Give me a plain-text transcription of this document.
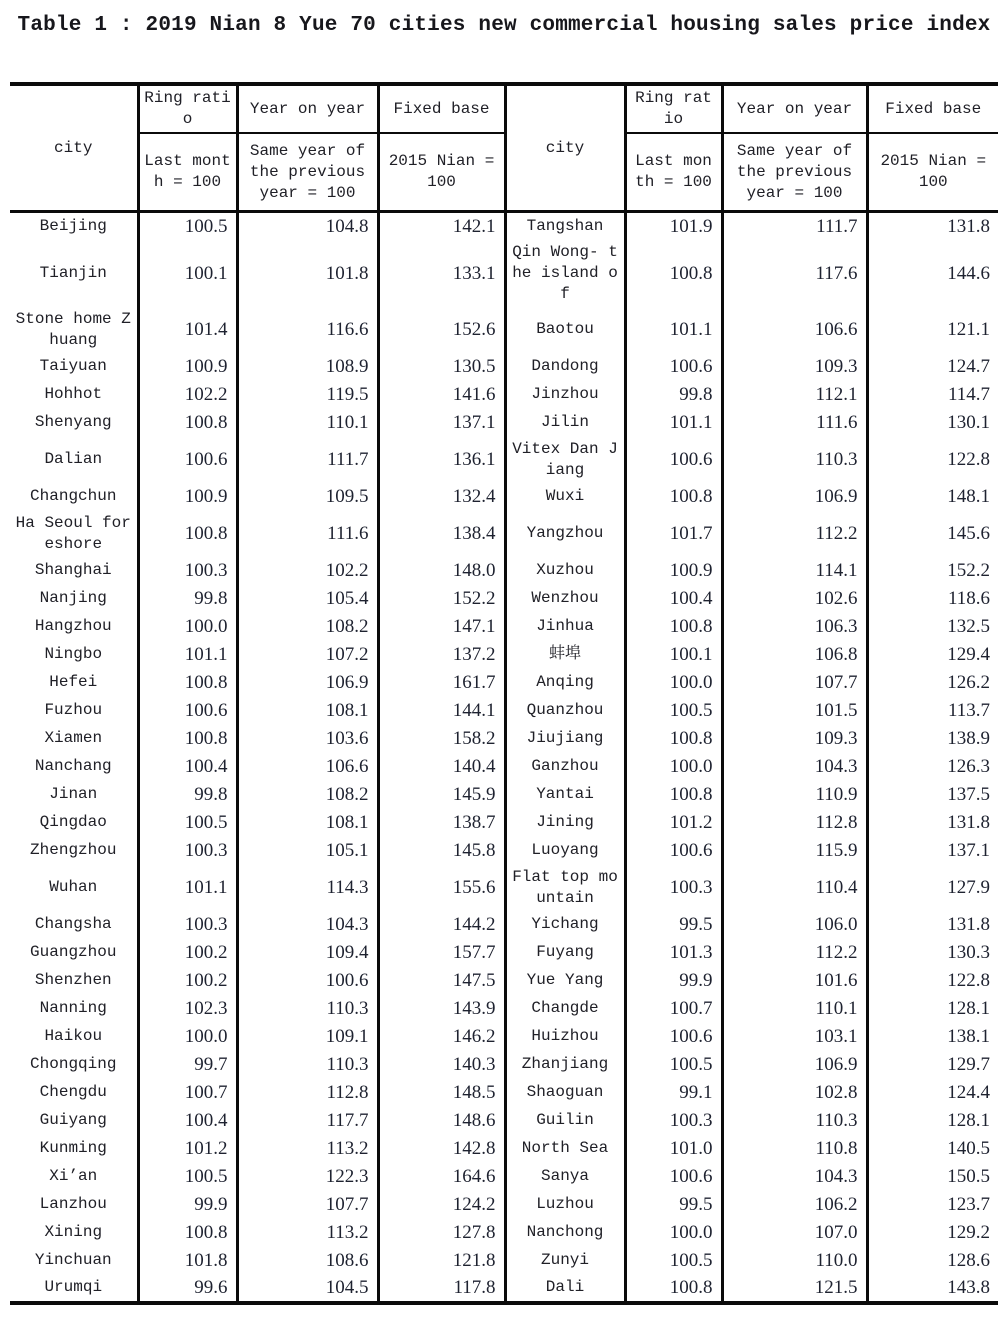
Table 1 : 2019 Nian 8 Yue 70 cities new commercial housing sales price index
city	Ring ratio	Year on year	Fixed base	city	Ring ratio	Year on year	Fixed base
	Last month = 100	Same year of the previous year = 100	2015 Nian = 100		Last month = 100	Same year of the previous year = 100	2015 Nian = 100
Beijing	100.5	104.8	142.1	Tangshan	101.9	111.7	131.8
Tianjin	100.1	101.8	133.1	Qin Wong- the island of	100.8	117.6	144.6
Stone home Zhuang	101.4	116.6	152.6	Baotou	101.1	106.6	121.1
Taiyuan	100.9	108.9	130.5	Dandong	100.6	109.3	124.7
Hohhot	102.2	119.5	141.6	Jinzhou	99.8	112.1	114.7
Shenyang	100.8	110.1	137.1	Jilin	101.1	111.6	130.1
Dalian	100.6	111.7	136.1	Vitex Dan Jiang	100.6	110.3	122.8
Changchun	100.9	109.5	132.4	Wuxi	100.8	106.9	148.1
Ha Seoul foreshore	100.8	111.6	138.4	Yangzhou	101.7	112.2	145.6
Shanghai	100.3	102.2	148.0	Xuzhou	100.9	114.1	152.2
Nanjing	99.8	105.4	152.2	Wenzhou	100.4	102.6	118.6
Hangzhou	100.0	108.2	147.1	Jinhua	100.8	106.3	132.5
Ningbo	101.1	107.2	137.2	蚌埠	100.1	106.8	129.4
Hefei	100.8	106.9	161.7	Anqing	100.0	107.7	126.2
Fuzhou	100.6	108.1	144.1	Quanzhou	100.5	101.5	113.7
Xiamen	100.8	103.6	158.2	Jiujiang	100.8	109.3	138.9
Nanchang	100.4	106.6	140.4	Ganzhou	100.0	104.3	126.3
Jinan	99.8	108.2	145.9	Yantai	100.8	110.9	137.5
Qingdao	100.5	108.1	138.7	Jining	101.2	112.8	131.8
Zhengzhou	100.3	105.1	145.8	Luoyang	100.6	115.9	137.1
Wuhan	101.1	114.3	155.6	Flat top mountain	100.3	110.4	127.9
Changsha	100.3	104.3	144.2	Yichang	99.5	106.0	131.8
Guangzhou	100.2	109.4	157.7	Fuyang	101.3	112.2	130.3
Shenzhen	100.2	100.6	147.5	Yue Yang	99.9	101.6	122.8
Nanning	102.3	110.3	143.9	Changde	100.7	110.1	128.1
Haikou	100.0	109.1	146.2	Huizhou	100.6	103.1	138.1
Chongqing	99.7	110.3	140.3	Zhanjiang	100.5	106.9	129.7
Chengdu	100.7	112.8	148.5	Shaoguan	99.1	102.8	124.4
Guiyang	100.4	117.7	148.6	Guilin	100.3	110.3	128.1
Kunming	101.2	113.2	142.8	North Sea	101.0	110.8	140.5
Xi’an	100.5	122.3	164.6	Sanya	100.6	104.3	150.5
Lanzhou	99.9	107.7	124.2	Luzhou	99.5	106.2	123.7
Xining	100.8	113.2	127.8	Nanchong	100.0	107.0	129.2
Yinchuan	101.8	108.6	121.8	Zunyi	100.5	110.0	128.6
Urumqi	99.6	104.5	117.8	Dali	100.8	121.5	143.8
